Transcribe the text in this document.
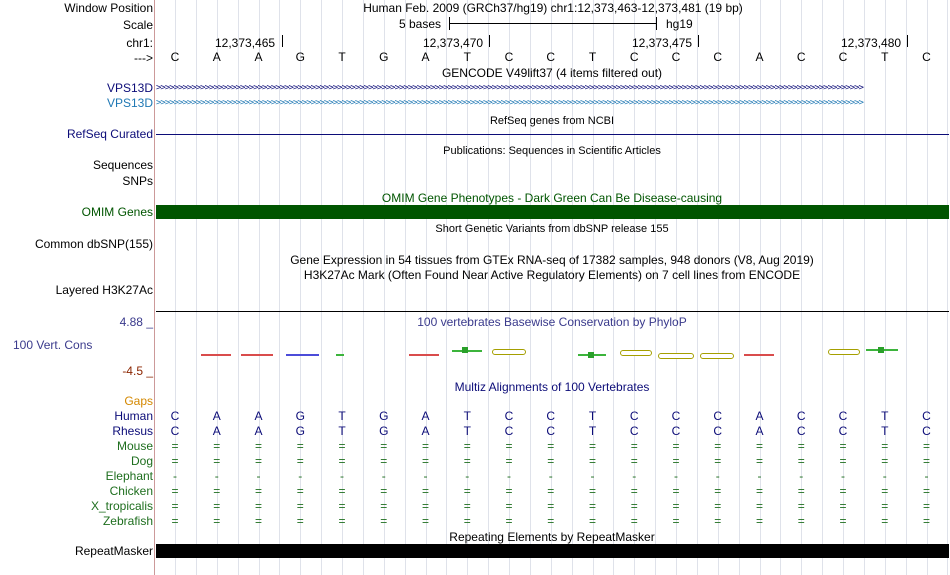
Window Position	Human Feb. 2009 (GRCh37/hg19) chr1:12,373,463-12,373,481 (19 bp)
Scale	5 bases	hg19
chr1:	12,373,465	12,373,470	12,373,475	12,373,480
---> C	A	A	G	T	G	A	T	C	C	T	C	C	C	A	C	C	T	C
GENCODE V49lift37 (4 items filtered out)
VPS13D >>>>>>>>>>>>>>>>>>>>>>>>>>>>>>>>>>>>>>>>>>>>>>>>>>>>>>>>>>>>>>>>>>>>>>>>>>>>>>>>>>>>>>>>>>>>>>>>>>>>>>>>>>>>>>>>>>>>>>>>>>>>>>>>>>>>>>>>>>>>>>>>>>>>>>>>>>>>>>>>
VPS13D >>>>>>>>>>>>>>>>>>>>>>>>>>>>>>>>>>>>>>>>>>>>>>>>>>>>>>>>>>>>>>>>>>>>>>>>>>>>>>>>>>>>>>>>>>>>>>>>>>>>>>>>>>>>>>>>>>>>>>>>>>>>>>>>>>>>>>>>>>>>>>>>>>>>>>>>>>>>>>>>
RefSeq genes from NCBI
RefSeq Curated
Publications: Sequences in Scientific Articles
Sequences
SNPs
OMIM Gene Phenotypes - Dark Green Can Be Disease-causing
OMIM Genes
Short Genetic Variants from dbSNP release 155
Common dbSNP(155)
Gene Expression in 54 tissues from GTEx RNA-seq of 17382 samples, 948 donors (V8, Aug 2019)
H3K27Ac Mark (Often Found Near Active Regulatory Elements) on 7 cell lines from ENCODE
Layered H3K27Ac
100 vertebrates Basewise Conservation by PhyloP
4.88 _
100 Vert. Cons
-4.5 _
Multiz Alignments of 100 Vertebrates
Gaps
Human C	A	A	G	T	G	A	T	C	C	T	C	C	C	A	C	C	T	C
Rhesus C	A	A	G	T	G	A	T	C	C	T	C	C	C	A	C	C	T	C
Mouse =	=	=	=	=	=	=	=	=	=	=	=	=	=	=	=	=	=	=
Dog =	=	=	=	=	=	=	=	=	=	=	=	=	=	=	=	=	=	=
Elephant	-	-	-	-	-	-	-	-	-	-	-	-	-	-	-	-	-	-	-
Chicken =	=	=	=	=	=	=	=	=	=	=	=	=	=	=	=	=	=	=
X_tropicalis =	=	=	=	=	=	=	=	=	=	=	=	=	=	=	=	=	=	=
Zebrafish =	=	=	=	=	=	=	=	=	=	=	=	=	=	=	=	=	=	=
Repeating Elements by RepeatMasker
RepeatMasker
